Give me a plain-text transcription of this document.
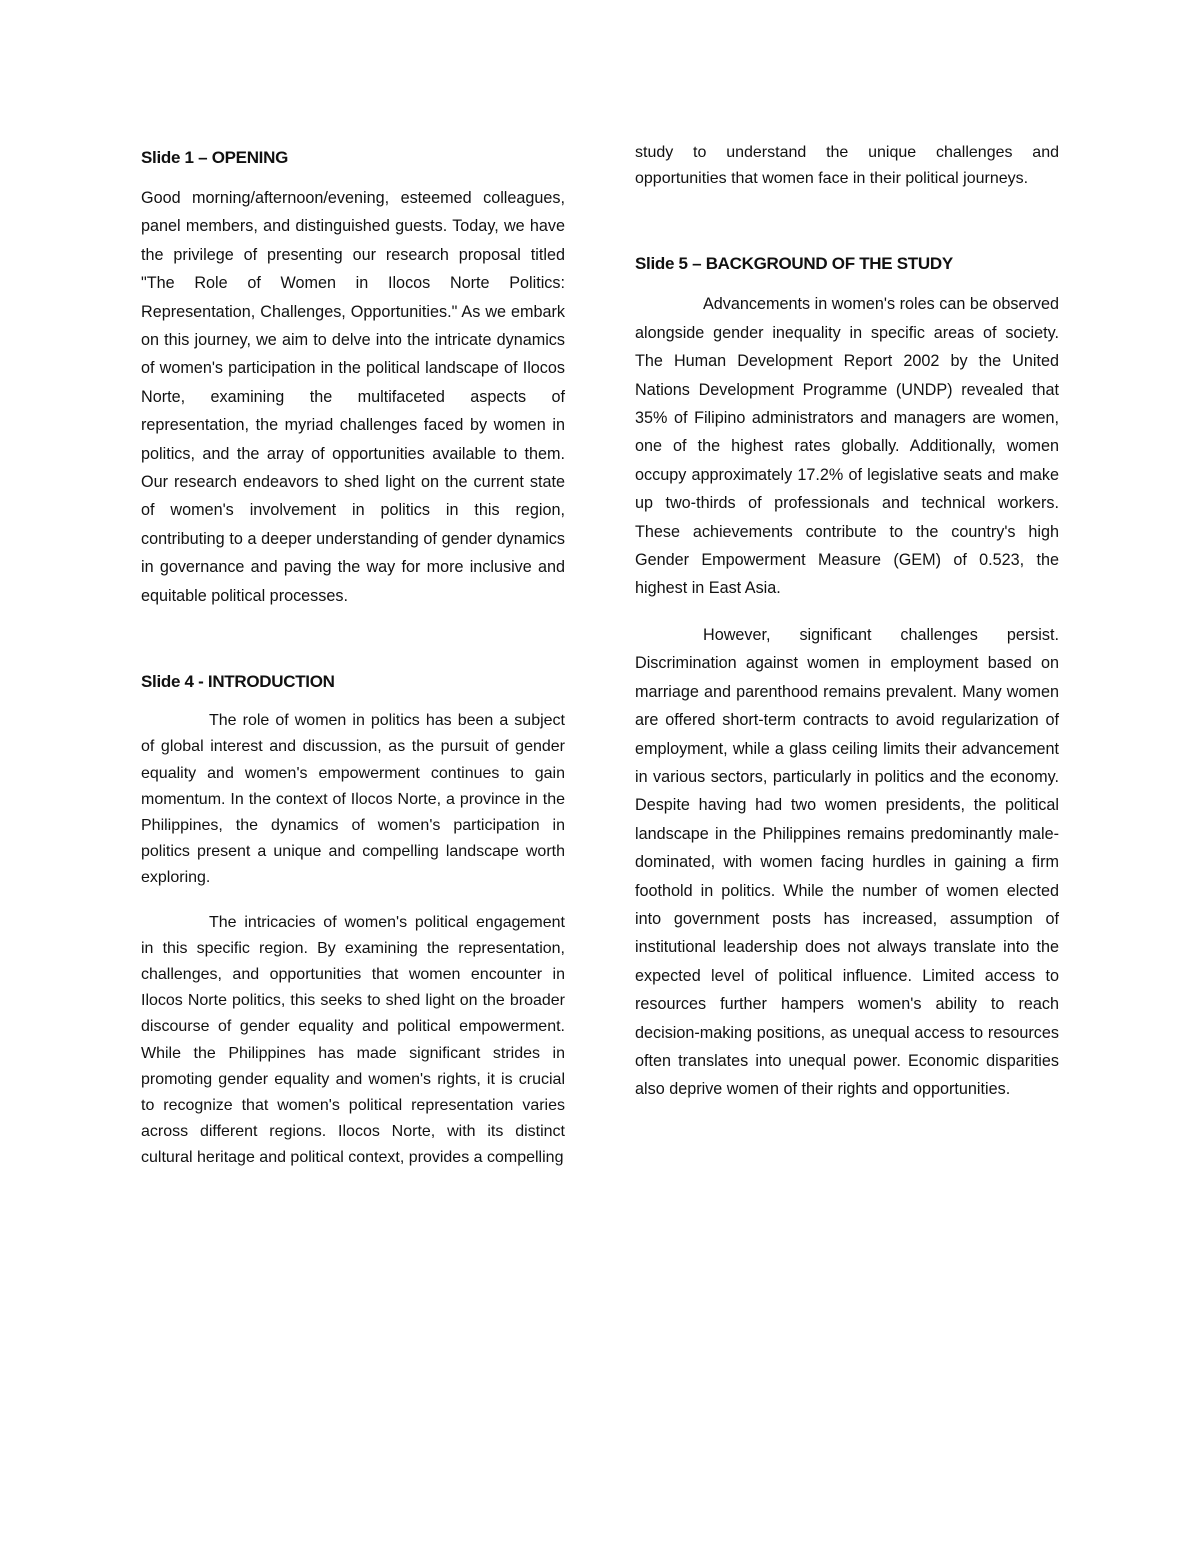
Slide 1 – OPENING

Good morning/afternoon/evening, esteemed colleagues, panel members, and distinguished guests. Today, we have the privilege of presenting our research proposal titled "The Role of Women in Ilocos Norte Politics: Representation, Challenges, Opportunities." As we embark on this journey, we aim to delve into the intricate dynamics of women's participation in the political landscape of Ilocos Norte, examining the multifaceted aspects of representation, the myriad challenges faced by women in politics, and the array of opportunities available to them. Our research endeavors to shed light on the current state of women's involvement in politics in this region, contributing to a deeper understanding of gender dynamics in governance and paving the way for more inclusive and equitable political processes.

Slide 4 - INTRODUCTION

The role of women in politics has been a subject of global interest and discussion, as the pursuit of gender equality and women's empowerment continues to gain momentum. In the context of Ilocos Norte, a province in the Philippines, the dynamics of women's participation in politics present a unique and compelling landscape worth exploring.

The intricacies of women's political engagement in this specific region. By examining the representation, challenges, and opportunities that women encounter in Ilocos Norte politics, this seeks to shed light on the broader discourse of gender equality and political empowerment. While the Philippines has made significant strides in promoting gender equality and women's rights, it is crucial to recognize that women's political representation varies across different regions. Ilocos Norte, with its distinct cultural heritage and political context, provides a compelling

study to understand the unique challenges and opportunities that women face in their political journeys.

Slide 5 – BACKGROUND OF THE STUDY

Advancements in women's roles can be observed alongside gender inequality in specific areas of society. The Human Development Report 2002 by the United Nations Development Programme (UNDP) revealed that 35% of Filipino administrators and managers are women, one of the highest rates globally. Additionally, women occupy approximately 17.2% of legislative seats and make up two-thirds of professionals and technical workers. These achievements contribute to the country's high Gender Empowerment Measure (GEM) of 0.523, the highest in East Asia.

However, significant challenges persist. Discrimination against women in employment based on marriage and parenthood remains prevalent. Many women are offered short-term contracts to avoid regularization of employment, while a glass ceiling limits their advancement in various sectors, particularly in politics and the economy. Despite having had two women presidents, the political landscape in the Philippines remains predominantly male-dominated, with women facing hurdles in gaining a firm foothold in politics. While the number of women elected into government posts has increased, assumption of institutional leadership does not always translate into the expected level of political influence. Limited access to resources further hampers women's ability to reach decision-making positions, as unequal access to resources often translates into unequal power. Economic disparities also deprive women of their rights and opportunities.
